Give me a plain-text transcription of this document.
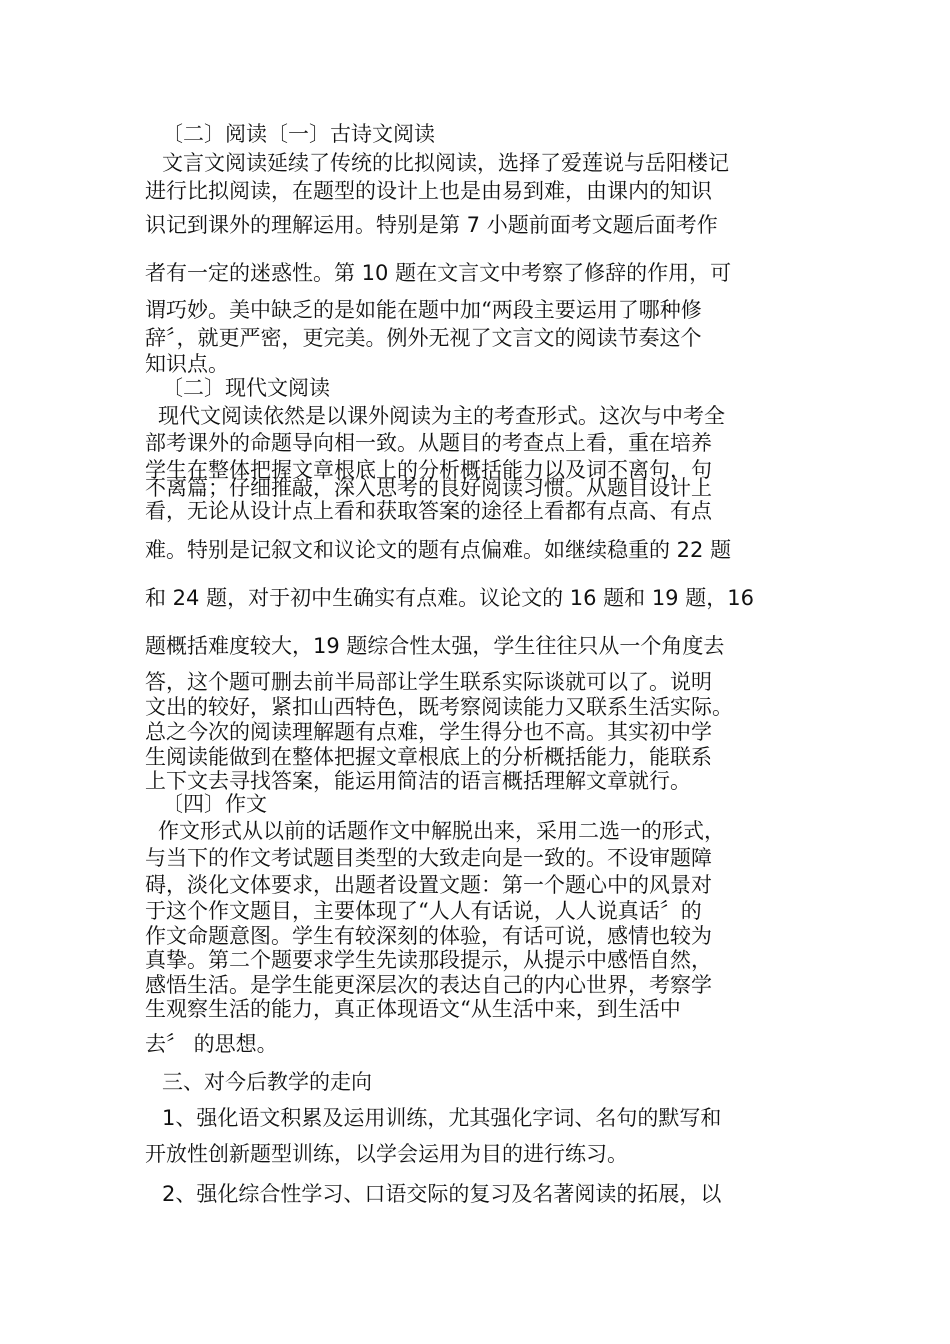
〔二〕阅读〔一〕古诗文阅读

文言文阅读延续了传统的比拟阅读，选择了爱莲说与岳阳楼记

进行比拟阅读，在题型的设计上也是由易到难，由课内的知识

识记到课外的理解运用。特别是第 7 小题前面考文题后面考作

者有一定的迷惑性。第 10 题在文言文中考察了修辞的作用，可

谓巧妙。美中缺乏的是如能在题中加“两段主要运用了哪种修

辞〞，就更严密，更完美。例外无视了文言文的阅读节奏这个

知识点。

〔二〕现代文阅读

现代文阅读依然是以课外阅读为主的考查形式。这次与中考全

部考课外的命题导向相一致。从题目的考查点上看，重在培养

学生在整体把握文章根底上的分析概括能力以及词不离句，句

不离篇；仔细推敲，深入思考的良好阅读习惯。从题目设计上

看，无论从设计点上看和获取答案的途径上看都有点高、有点

难。特别是记叙文和议论文的题有点偏难。如继续稳重的 22 题

和 24 题，对于初中生确实有点难。议论文的 16 题和 19 题，16

题概括难度较大，19 题综合性太强，学生往往只从一个角度去

答，这个题可删去前半局部让学生联系实际谈就可以了。说明

文出的较好，紧扣山西特色，既考察阅读能力又联系生活实际。

总之今次的阅读理解题有点难，学生得分也不高。其实初中学

生阅读能做到在整体把握文章根底上的分析概括能力，能联系

上下文去寻找答案，能运用简洁的语言概括理解文章就行。

〔四〕作文

作文形式从以前的话题作文中解脱出来，采用二选一的形式，

与当下的作文考试题目类型的大致走向是一致的。不设审题障

碍，淡化文体要求，出题者设置文题：第一个题心中的风景对

于这个作文题目，主要体现了“人人有话说，人人说真话〞的

作文命题意图。学生有较深刻的体验，有话可说，感情也较为

真挚。第二个题要求学生先读那段提示，从提示中感悟自然，

感悟生活。是学生能更深层次的表达自己的内心世界，考察学

生观察生活的能力，真正体现语文“从生活中来，到生活中

去〞 的思想。

三、对今后教学的走向

1、强化语文积累及运用训练，尤其强化字词、名句的默写和

开放性创新题型训练，以学会运用为目的进行练习。

2、强化综合性学习、口语交际的复习及名著阅读的拓展，以
